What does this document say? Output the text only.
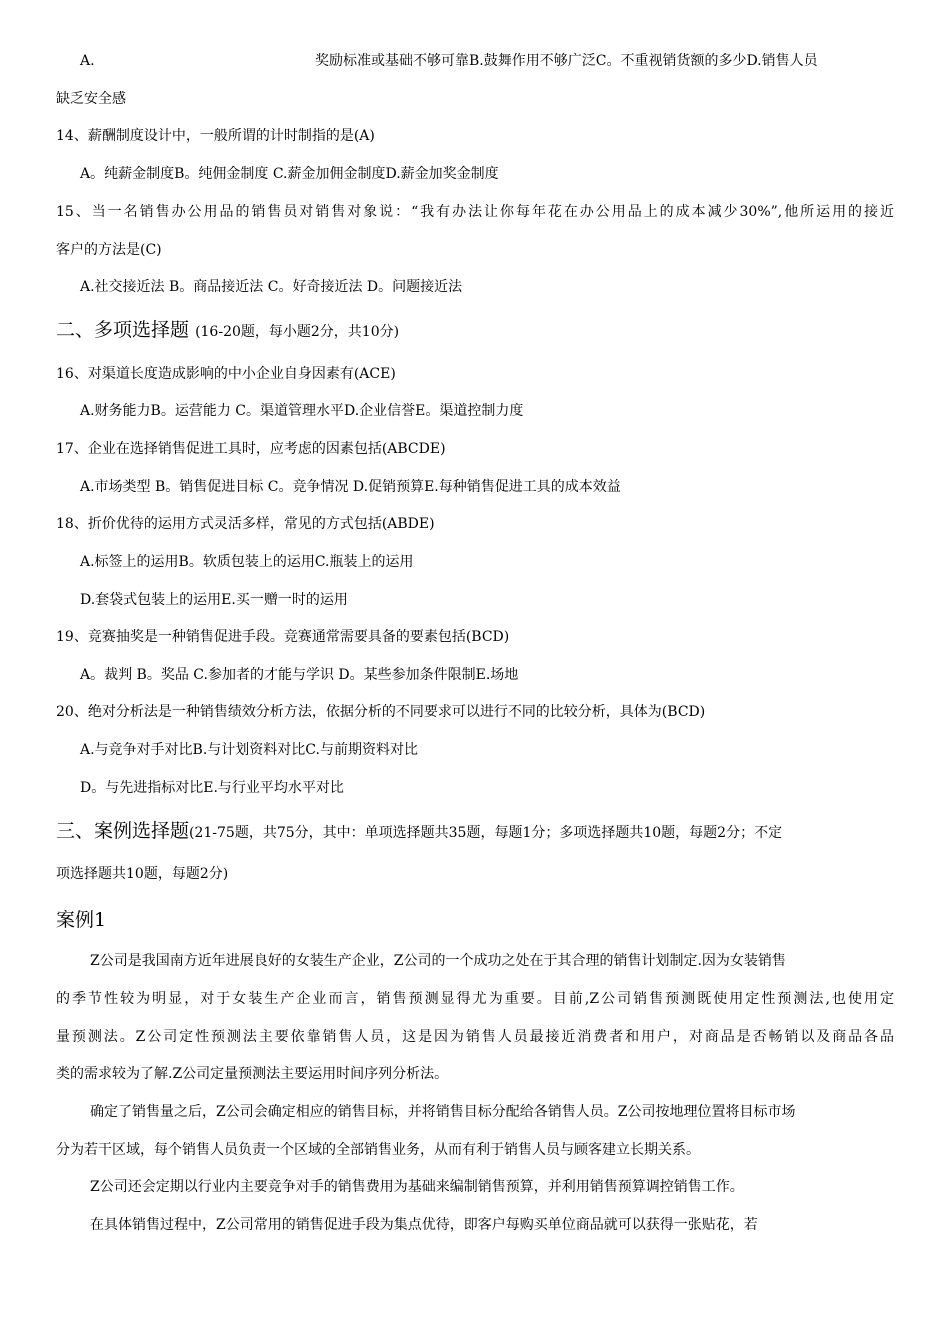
A.	奖励标准或基础不够可靠B.鼓舞作用不够广泛C。不重视销货额的多少D.销售人员
缺乏安全感
14、薪酬制度设计中，一般所谓的计时制指的是(A)
A。纯薪金制度B。纯佣金制度 C.薪金加佣金制度D.薪金加奖金制度
15、当一名销售办公用品的销售员对销售对象说：“我有办法让你每年花在办公用品上的成本减少30%”,他所运用的接近
客户的方法是(C)
A.社交接近法 B。商品接近法 C。好奇接近法 D。问题接近法
二、多项选择题 (16-20题，每小题2分，共10分)
16、对渠道长度造成影响的中小企业自身因素有(ACE)
A.财务能力B。运营能力 C。渠道管理水平D.企业信誉E。渠道控制力度
17、企业在选择销售促进工具时，应考虑的因素包括(ABCDE)
A.市场类型 B。销售促进目标 C。竞争情况 D.促销预算E.每种销售促进工具的成本效益
18、折价优待的运用方式灵活多样，常见的方式包括(ABDE)
A.标签上的运用B。软质包装上的运用C.瓶装上的运用
D.套袋式包装上的运用E.买一赠一时的运用
19、竞赛抽奖是一种销售促进手段。竞赛通常需要具备的要素包括(BCD)
A。裁判 B。奖品 C.参加者的才能与学识 D。某些参加条件限制E.场地
20、绝对分析法是一种销售绩效分析方法，依据分析的不同要求可以进行不同的比较分析，具体为(BCD)
A.与竞争对手对比B.与计划资料对比C.与前期资料对比
D。与先进指标对比E.与行业平均水平对比
三、案例选择题(21-75题，共75分，其中：单项选择题共35题，每题1分；多项选择题共10题，每题2分；不定
项选择题共10题，每题2分)
案例1
Z公司是我国南方近年进展良好的女装生产企业，Z公司的一个成功之处在于其合理的销售计划制定.因为女装销售
的季节性较为明显，对于女装生产企业而言，销售预测显得尤为重要。目前,Z公司销售预测既使用定性预测法,也使用定
量预测法。Z公司定性预测法主要依靠销售人员，这是因为销售人员最接近消费者和用户，对商品是否畅销以及商品各品
类的需求较为了解.Z公司定量预测法主要运用时间序列分析法。
确定了销售量之后，Z公司会确定相应的销售目标，并将销售目标分配给各销售人员。Z公司按地理位置将目标市场
分为若干区域，每个销售人员负责一个区域的全部销售业务，从而有利于销售人员与顾客建立长期关系。
Z公司还会定期以行业内主要竞争对手的销售费用为基础来编制销售预算，并利用销售预算调控销售工作。
在具体销售过程中，Z公司常用的销售促进手段为集点优待，即客户每购买单位商品就可以获得一张贴花，若
